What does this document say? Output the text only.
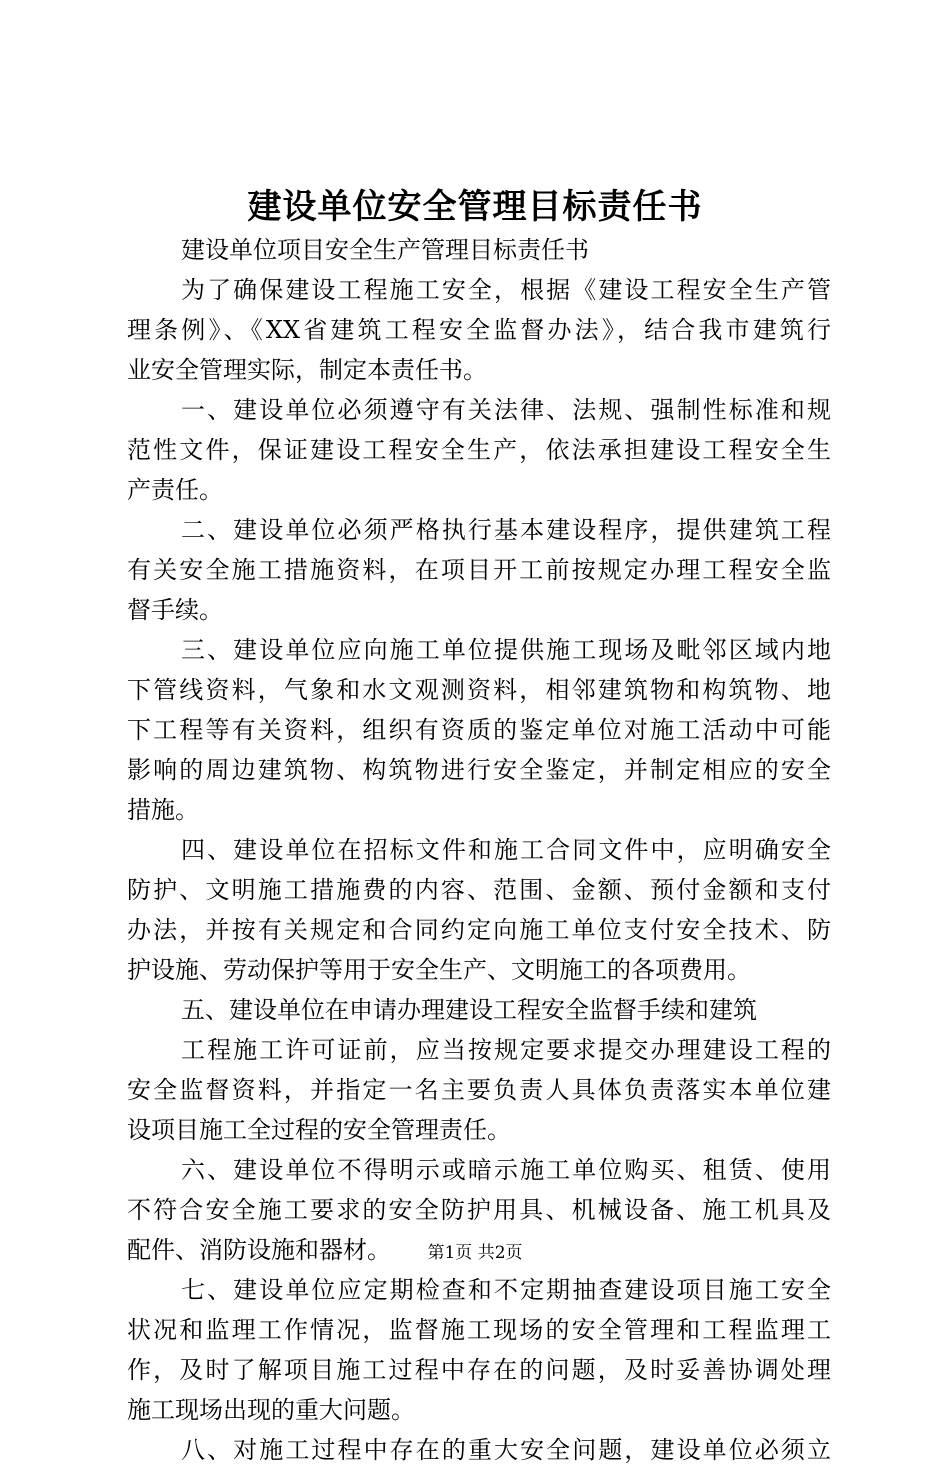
建设单位安全管理目标责任书
建设单位项目安全生产管理目标责任书
为了确保建设工程施工安全，根据《建设工程安全生产管
理条例》、《XX省建筑工程安全监督办法》，结合我市建筑行
业安全管理实际，制定本责任书。
一、建设单位必须遵守有关法律、法规、强制性标准和规
范性文件，保证建设工程安全生产，依法承担建设工程安全生
产责任。
二、建设单位必须严格执行基本建设程序，提供建筑工程
有关安全施工措施资料，在项目开工前按规定办理工程安全监
督手续。
三、建设单位应向施工单位提供施工现场及毗邻区域内地
下管线资料，气象和水文观测资料，相邻建筑物和构筑物、地
下工程等有关资料，组织有资质的鉴定单位对施工活动中可能
影响的周边建筑物、构筑物进行安全鉴定，并制定相应的安全
措施。
四、建设单位在招标文件和施工合同文件中，应明确安全
防护、文明施工措施费的内容、范围、金额、预付金额和支付
办法，并按有关规定和合同约定向施工单位支付安全技术、防
护设施、劳动保护等用于安全生产、文明施工的各项费用。
五、建设单位在申请办理建设工程安全监督手续和建筑
工程施工许可证前，应当按规定要求提交办理建设工程的
安全监督资料，并指定一名主要负责人具体负责落实本单位建
设项目施工全过程的安全管理责任。
六、建设单位不得明示或暗示施工单位购买、租赁、使用
不符合安全施工要求的安全防护用具、机械设备、施工机具及
配件、消防设施和器材。
七、建设单位应定期检查和不定期抽查建设项目施工安全
状况和监理工作情况，监督施工现场的安全管理和工程监理工
作，及时了解项目施工过程中存在的问题，及时妥善协调处理
施工现场出现的重大问题。
八、对施工过程中存在的重大安全问题，建设单位必须立
第1页 共2页
